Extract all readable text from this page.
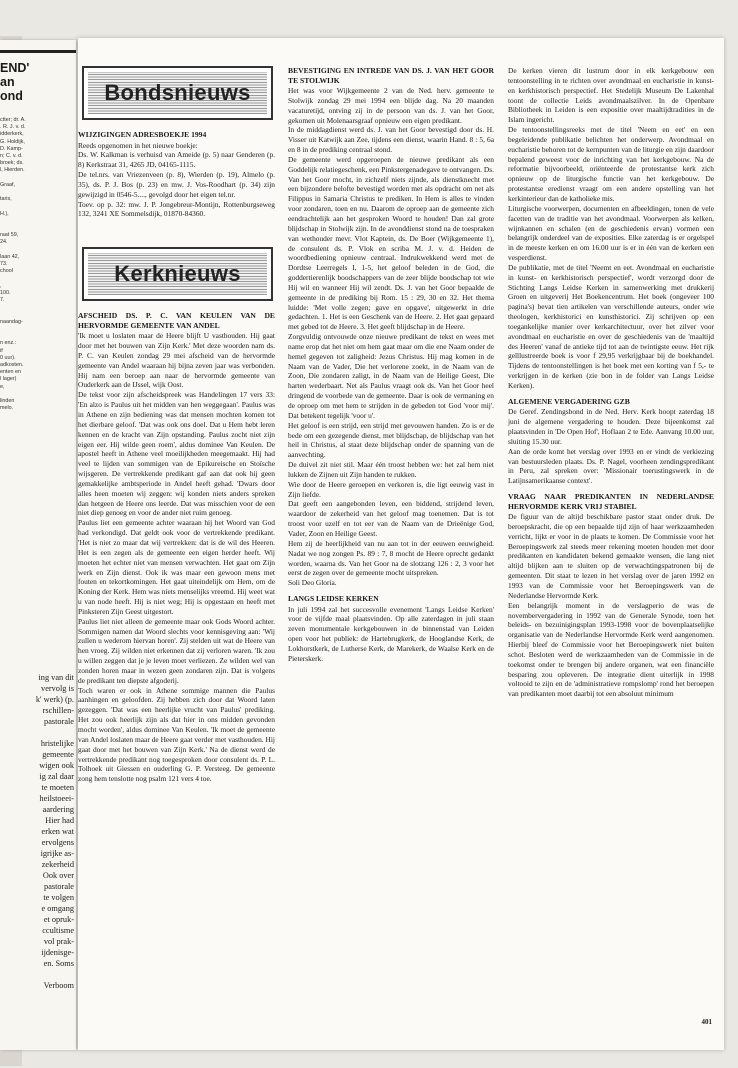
END'
an
ond
ctter; dr. A.
. R. J. v. d.
idderkerk,
G. Holdijk,
D. Kamp-
n; C. v. d.
broek; ds.
l, Hierden.

Graaf,

taris,

H.),

raat 59,
24.

laan 42,
73.
chool

,
100.
7.

naandag-

n enz.:
if
0 uur).
adkosten.
enten en
l lager)
e,

linden
melo.
ing van dit
vervolg is
k' werk) (p.
rschillen-
pastorale

hristelijke
gemeente
wigen ook
ig zal daar
te moeten
heilstoeei-
aardering
Hier had
erken wat
ervolgens
igrijke as-
zekerheid
Ook over
pastorale
te volgen
e omgang
et opruk-
ccultisme
vol prak-
ijdenisge-
en. Soms

Verboom
Bondsnieuws
WIJZIGINGEN ADRESBOEKJE 1994

Reeds opgenomen in het nieuwe boekje:

Ds. W. Kalkman is verhuisd van Ameide (p. 5) naar Genderen (p. 8) Kerkstraat 31, 4265 JD, 04165-1115.

De tel.nrs. van Vriezenveen (p. 8), Wierden (p. 19), Almelo (p. 35), ds. P. J. Bos (p. 23) en mw. J. Vos-Roodhart (p. 34) zijn gewijzigd in 0546-5...., gevolgd door het eigen tel.nr.

Toev. op p. 32: mw. J. P. Jongebreur-Montijn, Rottenburgseweg 132, 3241 XE Sommelsdijk, 01870-84360.

Kerknieuws
AFSCHEID DS. P. C. VAN KEULEN VAN DE HERVORMDE GEMEENTE VAN ANDEL

'Ik moet u loslaten maar de Heere blijft U vasthouden. Hij gaat door met het bouwen van Zijn Kerk.' Met deze woorden nam ds. P. C. van Keulen zondag 29 mei afscheid van de hervormde gemeente van Andel waaraan hij bijna zeven jaar was verbonden. Hij nam een beroep aan naar de hervormde gemeente van Ouderkerk aan de IJssel, wijk Oost.

De tekst voor zijn afscheidspreek was Handelingen 17 vers 33: 'En alzo is Paulus uit het midden van hen weggegaan'. Paulus was in Athene en zijn bediening was dat mensen mochten komen tot het dierbare geloof. 'Dat was ook ons doel. Dat u Hem hebt leren kennen en de kracht van Zijn opstanding. Paulus zocht niet zijn eigen eer. Hij wilde geen roem', aldus dominee Van Keulen. De apostel heeft in Athene veel moeilijkheden meegemaakt. Hij had veel te lijden van sommigen van de Epikureische en Stoïsche wijsgeren. De vertrekkende predikant gaf aan dat ook hij geen gemakkelijke ambtsperiode in Andel heeft gehad. 'Dwars door alles heen moeten wij zeggen: wij konden niets anders spreken dan hetgeen de Heere ons leerde. Dat was misschien voor de een niet diep genoeg en voor de ander niet ruim genoeg.

Paulus liet een gemeente achter waaraan hij het Woord van God had verkondigd. Dat geldt ook voor de vertrekkende predikant. 'Het is niet zo maar dat wij vertrekken: dat is de wil des Heeren. Het is een zegen als de gemeente een eigen herder heeft. Wij moeten het echter niet van mensen verwachten. Het gaat om Zijn werk en Zijn dienst. Ook ik was maar een gewoon mens met fouten en tekortkomingen. Het gaat uiteindelijk om Hem, om de Koning der Kerk. Hem was niets menselijks vreemd. Hij weet wat u van node heeft. Hij is niet weg; Hij is opgestaan en heeft met Pinksteren Zijn Geest uitgestort.

Paulus liet niet alleen de gemeente maar ook Gods Woord achter. Sommigen namen dat Woord slechts voor kennisgeving aan: 'Wij zullen u wederom hiervan horen'. Zij stelden uit wat de Heere van hen vroeg. Zij wilden niet erkennen dat zij verloren waren. 'Ik zou u willen zeggen dat je je leven moet verliezen. Ze wilden wel van zonden horen maar in wezen geen zondaren zijn. Dat is volgens de predikant ten diepste afgoderij.

Toch waren er ook in Athene sommige mannen die Paulus aanhingen en geloofden. Zij hebben zich door dat Woord laten gezeggen. 'Dat was een heerlijke vrucht van Paulus' prediking. Het zou ook heerlijk zijn als dat hier in ons midden gevonden mocht worden', aldus dominee Van Keulen. 'Ik moet de gemeente van Andel loslaten maar de Heere gaat verder met vasthouden. Hij gaat door met het bouwen van Zijn Kerk.' Na de dienst werd de vertrekkende predikant nog toegesproken door consulent ds. P. L. Tolhoek uit Giessen en ouderling G. P. Versteeg. De gemeente zong hem tenslotte nog psalm 121 vers 4 toe.

BEVESTIGING EN INTREDE VAN DS. J. VAN HET GOOR TE STOLWIJK

Het was voor Wijkgemeente 2 van de Ned. herv. gemeente te Stolwijk zondag 29 mei 1994 een blijde dag. Na 20 maanden vacaturetijd, ontving zij in de persoon van ds. J. van het Goor, gekomen uit Molenaarsgraaf opnieuw een eigen predikant.

In de middagdienst werd ds. J. van het Goor bevestigd door ds. H. Visser uit Katwijk aan Zee, tijdens een dienst, waarin Hand. 8 : 5, 6a en 8 in de prediking centraal stond.

De gemeente werd opgeroepen de nieuwe predikant als een Goddelijk relatiegeschenk, een Pinkstergenadegave te ontvangen. Ds. Van het Goor mocht, in zichzelf niets zijnde, als dienstknecht met een bijzondere belofte bevestigd worden met als opdracht om net als Filippus in Samaria Christus te prediken. In Hem is alles te vinden voor zondaren, toen en nu. Daarom de oproep aan de gemeente zich eendrachtelijk aan het gesproken Woord te houden! Dan zal grote blijdschap in Stolwijk zijn. In de avonddienst stond na de toespraken van wethouder mevr. Vlot Kaptein, ds. De Boer (Wijkgemeente 1), de consulent ds. P. Vlok en scriba M. J. v. d. Heiden de woordbediening opnieuw centraal. Indrukwekkend werd met de Dordtse Leerregels I, 1-5, het geloof beleden in de God, die goddertierenlijk boodschappers van de zeer blijde boodschap tot wie Hij wil en wanneer Hij wil zendt. Ds. J. van het Goor bepaalde de gemeente in de prediking bij Rom. 15 : 29, 30 en 32. Het thema luidde: 'Met volle zegen; gave en opgave', uitgewerkt in drie gedachten. 1. Het is een Geschenk van de Heere. 2. Het gaat gepaard met gebed tot de Heere. 3. Het geeft blijdschap in de Heere.

Zorgvuldig ontvouwde onze nieuwe predikant de tekst en wees met name erop dat het niet om hem gaat maar om die ene Naam onder de hemel gegeven tot zaligheid: Jezus Christus. Hij mag komen in de Naam van de Vader, Die het verlorene zoekt, in de Naam van de Zoon, Die zondaren zaligt, in de Naam van de Heilige Geest, Die harten wederbaart. Net als Paulus vraagt ook ds. Van het Goor heel dringend de voorbede van de gemeente. Daar is ook de vermaning en de oproep om met hem te strijden in de gebeden tot God 'voor mij'. Dat betekent tegelijk 'voor u'.

Het geloof is een strijd, een strijd met gevouwen handen. Zo is er de bede om een gezegende dienst, met blijdschap, de blijdschap van het heil in Christus, al staat deze blijdschap onder de spanning van de aanvechting.

De duivel zit niet stil. Maar één troost hebben we: het zal hem niet lukken de Zijnen uit Zijn handen te rukken.

Wie door de Heere geroepen en verkoren is, die ligt eeuwig vast in Zijn liefde.

Dat geeft een aangebonden leven, een biddend, strijdend leven, waardoor de zekerheid van het geloof mag toenemen. Dat is tot troost voor uzelf en tot eer van de Naam van de Drieënige God, Vader, Zoon en Heilige Geest.

Hem zij de heerlijkheid van nu aan tot in der eeuwen eeuwigheid. Nadat we nog zongen Ps. 89 : 7, 8 mocht de Heere oprecht gedankt worden, waarna ds. Van het Goor na de slotzang 126 : 2, 3 voor het eerst de zegen over de gemeente mocht uitspreken.

Soli Deo Gloria.

LANGS LEIDSE KERKEN

In juli 1994 zal het succesvolle evenement 'Langs Leidse Kerken' voor de vijfde maal plaatsvinden. Op alle zaterdagen in juli staan zeven monumentale kerkgebouwen in de binnenstad van Leiden open voor het publiek: de Hartebrugkerk, de Hooglandse Kerk, de Lokhorstkerk, de Lutherse Kerk, de Marekerk, de Waalse Kerk en de Pieterskerk.

De kerken vieren dit lustrum door in elk kerkgebouw een tentoonstelling in te richten over avondmaal en eucharistie in kunst- en kerkhistorisch perspectief. Het Stedelijk Museum De Lakenhal toont de collectie Leids avondmaalszilver. In de Openbare Bibliotheek in Leiden is een expositie over maaltijdtradities in de Islam ingericht.

De tentoonstellingsreeks met de titel 'Neem en eet' en een begeleidende publikatie belichten het onderwerp. Avondmaal en eucharistie behoren tot de kernpunten van de liturgie en zijn daardoor bepalend geweest voor de inrichting van het kerkgebouw. Na de reformatie bijvoorbeeld, oriënteerde de protestantse kerk zich opnieuw op de liturgische functie van het kerkgebouw. De protestantse eredienst vraagt om een andere opstelling van het kerkinterieur dan de katholieke mis.

Liturgische voorwerpen, documenten en afbeeldingen, tonen de vele facetten van de traditie van het avondmaal. Voorwerpen als kelken, wijnkannen en schalen (en de geschiedenis ervan) vormen een belangrijk onderdeel van de exposities. Elke zaterdag is er orgelspel in de meeste kerken en om 16.00 uur is er in één van de kerken een vesperdienst.

De publikatie, met de titel 'Neemt en eet. Avondmaal en eucharistie in kunst- en kerkhistorisch perspectief', wordt verzorgd door de Stichting Langs Leidse Kerken in samenwerking met drukkerij Groen en uitgeverij Het Boekencentrum. Het boek (ongeveer 100 pagina's) bevat tien artikelen van verschillende auteurs, onder wie theologen, kerkhistorici en kunsthistorici. Zij schrijven op een toegankelijke manier over kerkarchitectuur, over het zilver voor avondmaal en eucharistie en over de geschiedenis van de 'maaltijd des Heeren' vanaf de antieke tijd tot aan de twintigste eeuw. Het rijk geïllustreerde boek is voor f 29,95 verkrijgbaar bij de boekhandel. Tijdens de tentoonstellingen is het boek met een korting van f 5,- te verkrijgen in de kerken (zie bon in de folder van Langs Leidse Kerken).

ALGEMENE VERGADERING GZB

De Geref. Zendingsbond in de Ned. Herv. Kerk hoopt zaterdag 18 juni de algemene vergadering te houden. Deze bijeenkomst zal plaatsvinden in 'De Open Hof', Hoflaan 2 te Ede. Aanvang 10.00 uur, sluiting 15.30 uur.

Aan de orde komt het verslag over 1993 en er vindt de verkiezing van bestuursleden plaats. Ds. P. Nagel, voorheen zendingspredikant in Peru, zal spreken over: 'Missionair toerustingswerk in de Latijnsamerikaanse context'.

VRAAG NAAR PREDIKANTEN IN NEDERLANDSE HERVORMDE KERK VRIJ STABIEL

De figuur van de altijd beschikbare pastor staat onder druk. De beroepskracht, die op een bepaalde tijd zijn of haar werkzaamheden verricht, lijkt er voor in de plaats te komen. De Commissie voor het Beroepingswerk zal steeds meer rekening moeten houden met door predikanten en kandidaten bekend gemaakte wensen, die lang niet altijd blijken aan te sluiten op de verwachtingspatronen bij de gemeenten. Dit staat te lezen in het verslag over de jaren 1992 en 1993 van de Commissie voor het Beroepingswerk van de Nederlandse Hervormde Kerk.

Een belangrijk moment in de verslagperio de was de novembervergadering in 1992 van de Generale Synode, toen het beleids- en bezuinigingsplan 1993-1998 voor de bovenplaatselijke organisatie van de Nederlandse Hervormde Kerk werd aangenomen. Hierbij bleef de Commissie voor het Beroepingswerk niet buiten schot. Besloten werd de werkzaamheden van de Commissie in de toekomst onder te brengen bij andere organen, wat een financiële besparing zou opleveren. De integratie dient uiterlijk in 1998 voltooid te zijn en de 'administratieve rompslomp' rond het beroepen van predikanten moet daarbij tot een absoluut minimum

401
